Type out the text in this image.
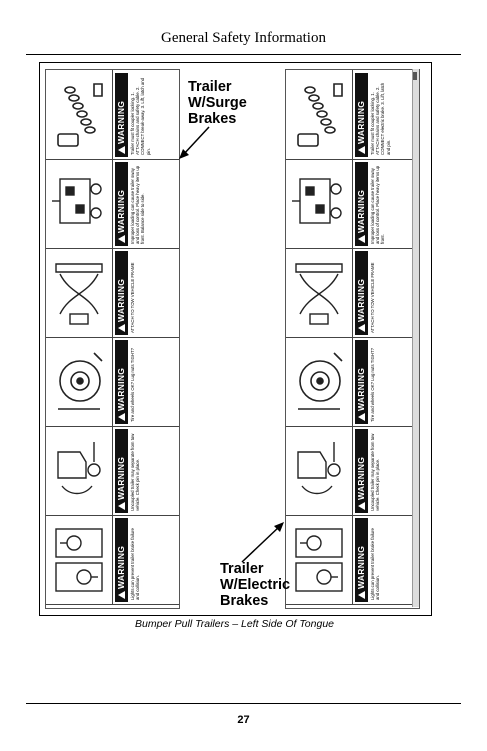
General Safety Information
WARNING Trailer must fit coupler locking. 1. ATTACH chains and safety cable. 2. CONNECT break-away. 3. Lift, latch and pin.
WARNING Improper loading can cause trailer sway and loss of control. Place heavy items up front. Balance side to side.
WARNING ATTACH TO TOW VEHICLE FRAME
WARNING Tire and wheels OK? Lug nuts TIGHT?
WARNING Uncoupled trailer may separate from tow vehicle. Check pin in place.
WARNING Lights can prevent trailer brake failure and collision.
WARNING Trailer must fit coupler locking. 1. ATTACH chains and safety cable. 2. CONNECT electric brake. 3. Lift, latch and pin.
WARNING Improper loading can cause trailer sway and loss of control. Place heavy items up front.
WARNING ATTACH TO TOW VEHICLE FRAME
WARNING Tire and wheels OK? Lug nuts TIGHT?
WARNING Uncoupled trailer may separate from tow vehicle. Check pin in place.
WARNING Lights can prevent trailer brake failure and collision.
Trailer
W/Surge
Brakes
Trailer
W/Electric
Brakes
Bumper Pull Trailers – Left Side Of Tongue
27
